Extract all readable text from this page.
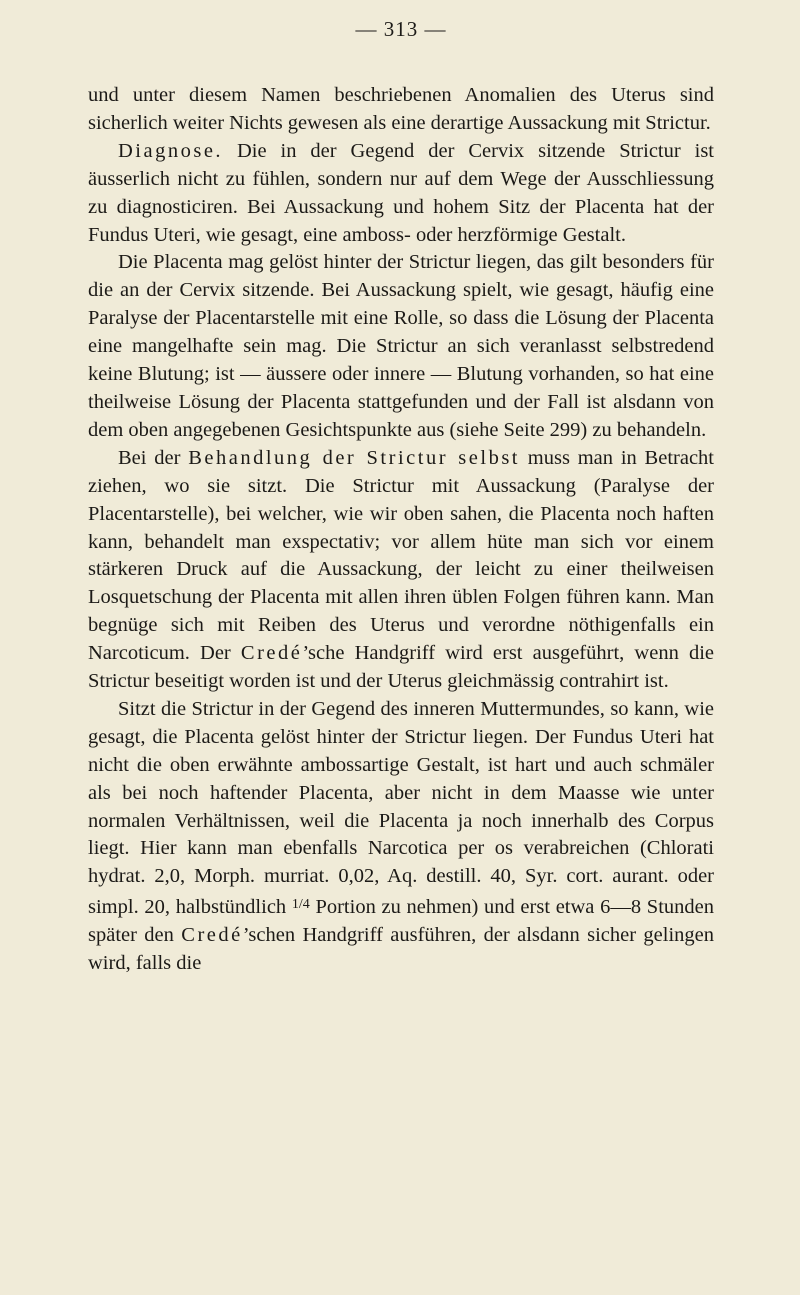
— 313 —

und unter diesem Namen beschriebenen Anomalien des Uterus sind sicherlich weiter Nichts gewesen als eine derartige Aussackung mit Strictur.

Diagnose. Die in der Gegend der Cervix sitzende Strictur ist äusserlich nicht zu fühlen, sondern nur auf dem Wege der Ausschliessung zu diagnosticiren. Bei Aussackung und hohem Sitz der Placenta hat der Fundus Uteri, wie gesagt, eine amboss- oder herzförmige Gestalt.

Die Placenta mag gelöst hinter der Strictur liegen, das gilt besonders für die an der Cervix sitzende. Bei Aussackung spielt, wie gesagt, häufig eine Paralyse der Placentarstelle mit eine Rolle, so dass die Lösung der Placenta eine mangelhafte sein mag. Die Strictur an sich veranlasst selbstredend keine Blutung; ist — äussere oder innere — Blutung vorhanden, so hat eine theilweise Lösung der Placenta stattgefunden und der Fall ist alsdann von dem oben angegebenen Gesichtspunkte aus (siehe Seite 299) zu behandeln.

Bei der Behandlung der Strictur selbst muss man in Betracht ziehen, wo sie sitzt. Die Strictur mit Aussackung (Paralyse der Placentarstelle), bei welcher, wie wir oben sahen, die Placenta noch haften kann, behandelt man exspectativ; vor allem hüte man sich vor einem stärkeren Druck auf die Aussackung, der leicht zu einer theilweisen Losquetschung der Placenta mit allen ihren üblen Folgen führen kann. Man begnüge sich mit Reiben des Uterus und verordne nöthigenfalls ein Narcoticum. Der Credé’sche Handgriff wird erst ausgeführt, wenn die Strictur beseitigt worden ist und der Uterus gleichmässig contrahirt ist.

Sitzt die Strictur in der Gegend des inneren Muttermundes, so kann, wie gesagt, die Placenta gelöst hinter der Strictur liegen. Der Fundus Uteri hat nicht die oben erwähnte ambossartige Gestalt, ist hart und auch schmäler als bei noch haftender Placenta, aber nicht in dem Maasse wie unter normalen Verhältnissen, weil die Placenta ja noch innerhalb des Corpus liegt. Hier kann man ebenfalls Narcotica per os verabreichen (Chlorati hydrat. 2,0, Morph. murriat. 0,02, Aq. destill. 40, Syr. cort. aurant. oder simpl. 20, halbstündlich $^{1/4}$ Portion zu nehmen) und erst etwa 6—8 Stunden später den Credé’schen Handgriff ausführen, der alsdann sicher gelingen wird, falls die
